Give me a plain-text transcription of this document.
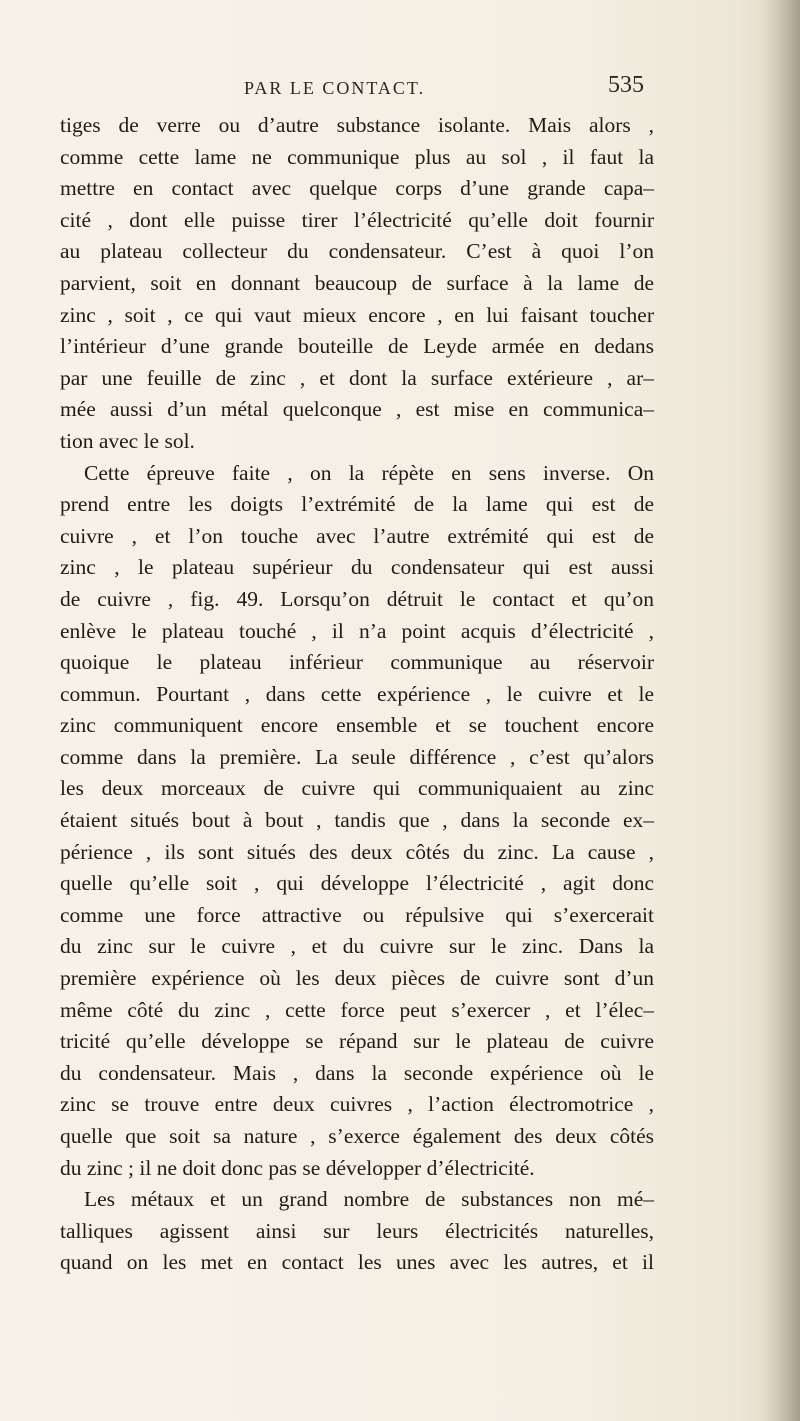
PAR LE CONTACT.	535
tiges de verre ou d’autre substance isolante. Mais alors ,
comme cette lame ne communique plus au sol , il faut la
mettre en contact avec quelque corps d’une grande capa–
cité , dont elle puisse tirer l’électricité qu’elle doit fournir
au plateau collecteur du condensateur. C’est à quoi l’on
parvient, soit en donnant beaucoup de surface à la lame de
zinc , soit , ce qui vaut mieux encore , en lui faisant toucher
l’intérieur d’une grande bouteille de Leyde armée en dedans
par une feuille de zinc , et dont la surface extérieure , ar–
mée aussi d’un métal quelconque , est mise en communica–
tion avec le sol.
Cette épreuve faite , on la répète en sens inverse. On
prend entre les doigts l’extrémité de la lame qui est de
cuivre , et l’on touche avec l’autre extrémité qui est de
zinc , le plateau supérieur du condensateur qui est aussi
de cuivre , fig. 49. Lorsqu’on détruit le contact et qu’on
enlève le plateau touché , il n’a point acquis d’électricité ,
quoique le plateau inférieur communique au réservoir
commun. Pourtant , dans cette expérience , le cuivre et le
zinc communiquent encore ensemble et se touchent encore
comme dans la première. La seule différence , c’est qu’alors
les deux morceaux de cuivre qui communiquaient au zinc
étaient situés bout à bout , tandis que , dans la seconde ex–
périence , ils sont situés des deux côtés du zinc. La cause ,
quelle qu’elle soit , qui développe l’électricité , agit donc
comme une force attractive ou répulsive qui s’exercerait
du zinc sur le cuivre , et du cuivre sur le zinc. Dans la
première expérience où les deux pièces de cuivre sont d’un
même côté du zinc , cette force peut s’exercer , et l’élec–
tricité qu’elle développe se répand sur le plateau de cuivre
du condensateur. Mais , dans la seconde expérience où le
zinc se trouve entre deux cuivres , l’action électromotrice ,
quelle que soit sa nature , s’exerce également des deux côtés
du zinc ; il ne doit donc pas se développer d’électricité.
Les métaux et un grand nombre de substances non mé–
talliques agissent ainsi sur leurs électricités naturelles,
quand on les met en contact les unes avec les autres, et il
